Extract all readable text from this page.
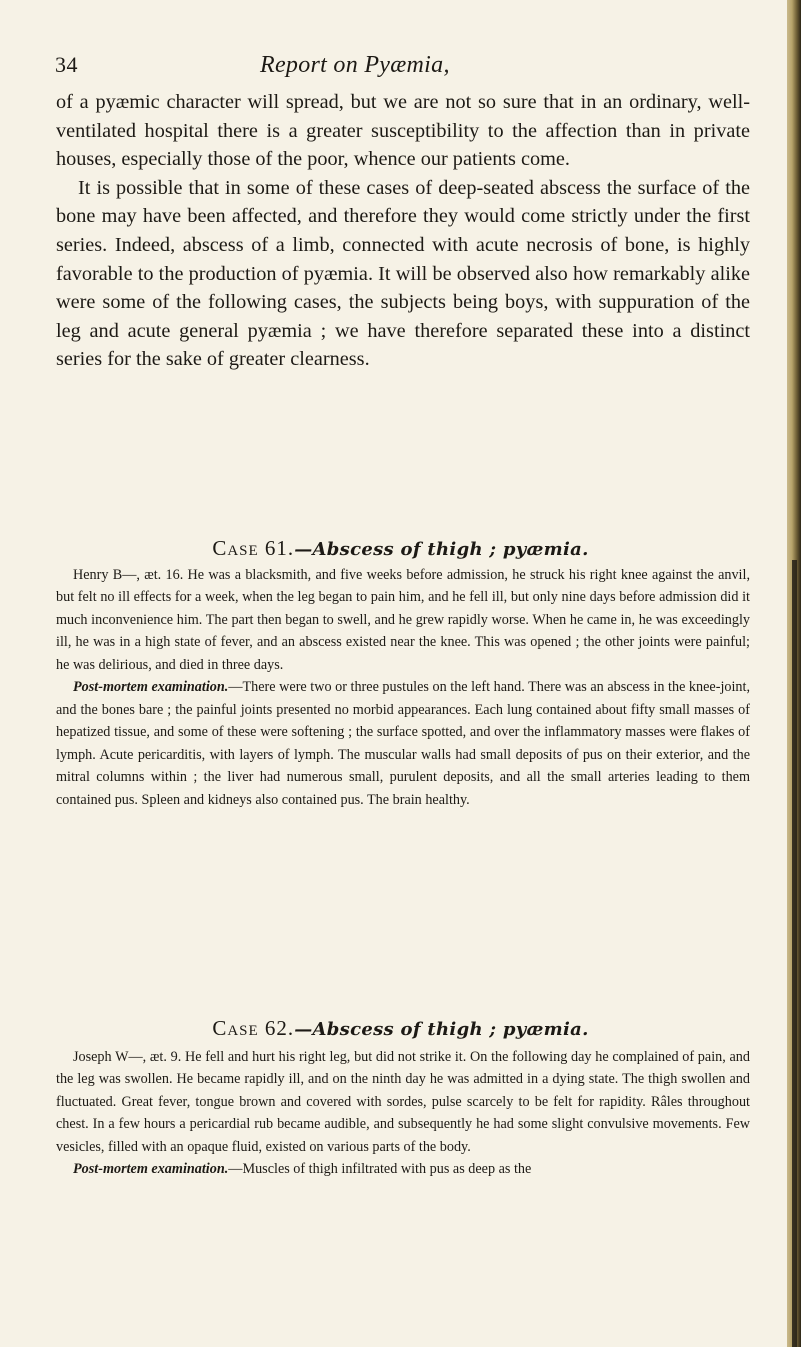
34	Report on Pyæmia,

of a pyæmic character will spread, but we are not so sure that in an ordinary, well-ventilated hospital there is a greater susceptibility to the affection than in private houses, especially those of the poor, whence our patients come.

It is possible that in some of these cases of deep-seated abscess the surface of the bone may have been affected, and therefore they would come strictly under the first series. Indeed, abscess of a limb, connected with acute necrosis of bone, is highly favorable to the production of pyæmia. It will be observed also how remarkably alike were some of the following cases, the subjects being boys, with suppuration of the leg and acute general pyæmia ; we have therefore separated these into a distinct series for the sake of greater clearness.

Case 61.—Abscess of thigh ; pyæmia.

Henry B—, æt. 16. He was a blacksmith, and five weeks before admission, he struck his right knee against the anvil, but felt no ill effects for a week, when the leg began to pain him, and he fell ill, but only nine days before admission did it much inconvenience him. The part then began to swell, and he grew rapidly worse. When he came in, he was exceedingly ill, he was in a high state of fever, and an abscess existed near the knee. This was opened ; the other joints were painful; he was delirious, and died in three days.

Post-mortem examination.—There were two or three pustules on the left hand. There was an abscess in the knee-joint, and the bones bare ; the painful joints presented no morbid appearances. Each lung contained about fifty small masses of hepatized tissue, and some of these were softening ; the surface spotted, and over the inflammatory masses were flakes of lymph. Acute pericarditis, with layers of lymph. The muscular walls had small deposits of pus on their exterior, and the mitral columns within ; the liver had numerous small, purulent deposits, and all the small arteries leading to them contained pus. Spleen and kidneys also contained pus. The brain healthy.

Case 62.—Abscess of thigh ; pyæmia.

Joseph W—, æt. 9. He fell and hurt his right leg, but did not strike it. On the following day he complained of pain, and the leg was swollen. He became rapidly ill, and on the ninth day he was admitted in a dying state. The thigh swollen and fluctuated. Great fever, tongue brown and covered with sordes, pulse scarcely to be felt for rapidity. Râles throughout chest. In a few hours a pericardial rub became audible, and subsequently he had some slight convulsive movements. Few vesicles, filled with an opaque fluid, existed on various parts of the body.

Post-mortem examination.—Muscles of thigh infiltrated with pus as deep as the
